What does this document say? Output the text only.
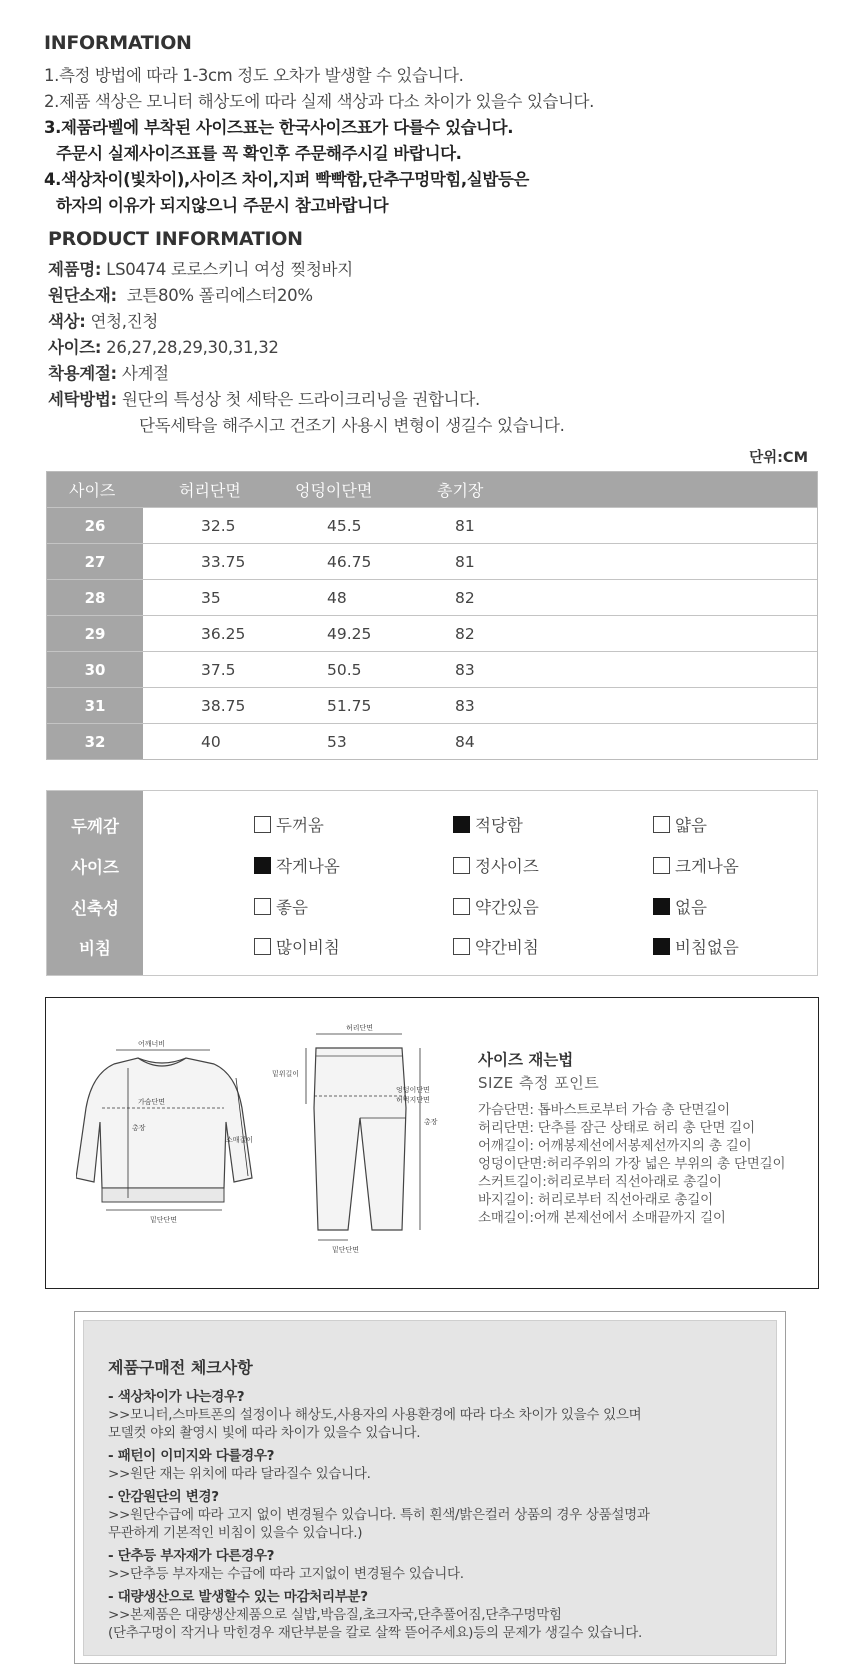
INFORMATION
1.측정 방법에 따라 1-3cm 정도 오차가 발생할 수 있습니다.
2.제품 색상은 모니터 해상도에 따라 실제 색상과 다소 차이가 있을수 있습니다.
3.제품라벨에 부착된 사이즈표는 한국사이즈표가 다를수 있습니다.
주문시 실제사이즈표를 꼭 확인후 주문해주시길 바랍니다.
4.색상차이(빛차이),사이즈 차이,지퍼 빡빡함,단추구멍막힘,실밥등은
하자의 이유가 되지않으니 주문시 참고바랍니다
PRODUCT INFORMATION
제품명: LS0474 로로스키니 여성 찢청바지
원단소재: 코튼80% 폴리에스터20%
색상: 연청,진청
사이즈: 26,27,28,29,30,31,32
착용계절: 사계절
세탁방법: 원단의 특성상 첫 세탁은 드라이크리닝을 권합니다.
단독세탁을 해주시고 건조기 사용시 변형이 생길수 있습니다.
단위:CM
사이즈	허리단면	엉덩이단면	총기장
26	32.5	45.5	81
27	33.75	46.75	81
28	35	48	82
29	36.25	49.25	82
30	37.5	50.5	83
31	38.75	51.75	83
32	40	53	84
두께감	두꺼움	적당함	얇음
사이즈	작게나옴	정사이즈	크게나옴
신축성	좋음	약간있음	없음
비침	많이비침	약간비침	비침없음
어깨너비
가슴단면
총장
소매길이
밑단단면
허리단면
밑위길이
엉덩이단면
허벅지단면
총장
밑단단면
사이즈 재는법
SIZE 측정 포인트
가슴단면: 톱바스트로부터 가슴 총 단면길이
허리단면: 단추를 잠근 상태로 허리 총 단면 길이
어깨길이: 어깨봉제선에서봉제선까지의 총 길이
엉덩이단면:허리주위의 가장 넓은 부위의 총 단면길이
스커트길이:허리로부터 직선아래로 총길이
바지길이: 허리로부터 직선아래로 총길이
소매길이:어깨 본제선에서 소매끝까지 길이
제품구매전 체크사항
- 색상차이가 나는경우?
>>모니터,스마트폰의 설정이나 해상도,사용자의 사용환경에 따라 다소 차이가 있을수 있으며
모델컷 야외 촬영시 빛에 따라 차이가 있을수 있습니다.
- 패턴이 이미지와 다를경우?
>>원단 재는 위치에 따라 달라질수 있습니다.
- 안감원단의 변경?
>>원단수급에 따라 고지 없이 변경될수 있습니다. 특히 흰색/밝은컬러 상품의 경우 상품설명과
무관하게 기본적인 비침이 있을수 있습니다.)
- 단추등 부자재가 다른경우?
>>단추등 부자재는 수급에 따라 고지없이 변경될수 있습니다.
- 대량생산으로 발생할수 있는 마감처리부분?
>>본제품은 대량생산제품으로 실밥,박음질,초크자국,단추풀어짐,단추구멍막힘
(단추구멍이 작거나 막힌경우 재단부분을 칼로 살짝 뜯어주세요)등의 문제가 생길수 있습니다.
